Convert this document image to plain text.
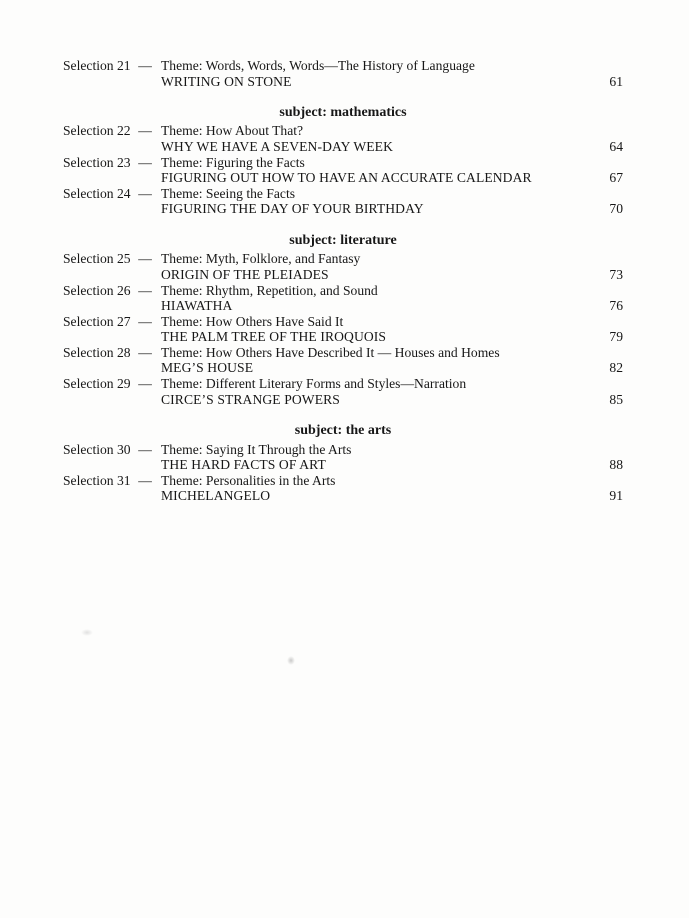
Selection 21 — Theme: Words, Words, Words—The History of Language
WRITING ON STONE	61
subject: mathematics
Selection 22 — Theme: How About That?
WHY WE HAVE A SEVEN-DAY WEEK	64
Selection 23 — Theme: Figuring the Facts
FIGURING OUT HOW TO HAVE AN ACCURATE CALENDAR	67
Selection 24 — Theme: Seeing the Facts
FIGURING THE DAY OF YOUR BIRTHDAY	70
subject: literature
Selection 25 — Theme: Myth, Folklore, and Fantasy
ORIGIN OF THE PLEIADES	73
Selection 26 — Theme: Rhythm, Repetition, and Sound
HIAWATHA	76
Selection 27 — Theme: How Others Have Said It
THE PALM TREE OF THE IROQUOIS	79
Selection 28 — Theme: How Others Have Described It — Houses and Homes
MEG’S HOUSE	82
Selection 29 — Theme: Different Literary Forms and Styles—Narration
CIRCE’S STRANGE POWERS	85
subject: the arts
Selection 30 — Theme: Saying It Through the Arts
THE HARD FACTS OF ART	88
Selection 31 — Theme: Personalities in the Arts
MICHELANGELO	91
